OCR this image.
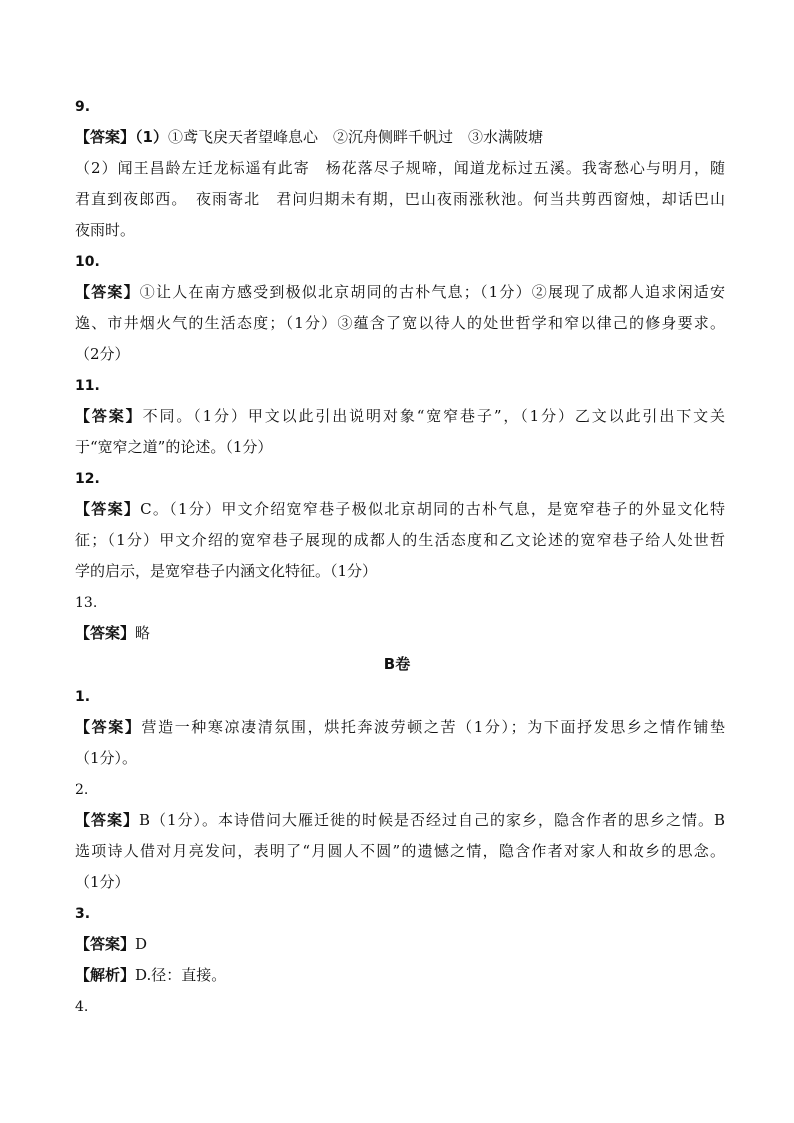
9.
【答案】（1）①鸢飞戾天者望峰息心　②沉舟侧畔千帆过　③水满陂塘
（2）闻王昌龄左迁龙标遥有此寄　杨花落尽子规啼，闻道龙标过五溪。我寄愁心与明月，随
君直到夜郎西。　夜雨寄北　君问归期未有期，巴山夜雨涨秋池。何当共剪西窗烛，却话巴山
夜雨时。
10.
【答案】①让人在南方感受到极似北京胡同的古朴气息；（1分）②展现了成都人追求闲适安
逸、市井烟火气的生活态度；（1分）③蕴含了宽以待人的处世哲学和窄以律己的修身要求。
（2分）
11.
【答案】不同。（1分）甲文以此引出说明对象“宽窄巷子”，（1分）乙文以此引出下文关
于“宽窄之道”的论述。（1分）
12.
【答案】C。（1分）甲文介绍宽窄巷子极似北京胡同的古朴气息，是宽窄巷子的外显文化特
征；（1分）甲文介绍的宽窄巷子展现的成都人的生活态度和乙文论述的宽窄巷子给人处世哲
学的启示，是宽窄巷子内涵文化特征。（1分）
13.
【答案】略
B卷
1.
【答案】营造一种寒凉凄清氛围，烘托奔波劳顿之苦（1分）；为下面抒发思乡之情作铺垫
（1分）。
2.
【答案】B（1分）。本诗借问大雁迁徙的时候是否经过自己的家乡，隐含作者的思乡之情。B
选项诗人借对月亮发问，表明了“月圆人不圆”的遗憾之情，隐含作者对家人和故乡的思念。
（1分）
3.
【答案】D
【解析】D.径：直接。
4.
